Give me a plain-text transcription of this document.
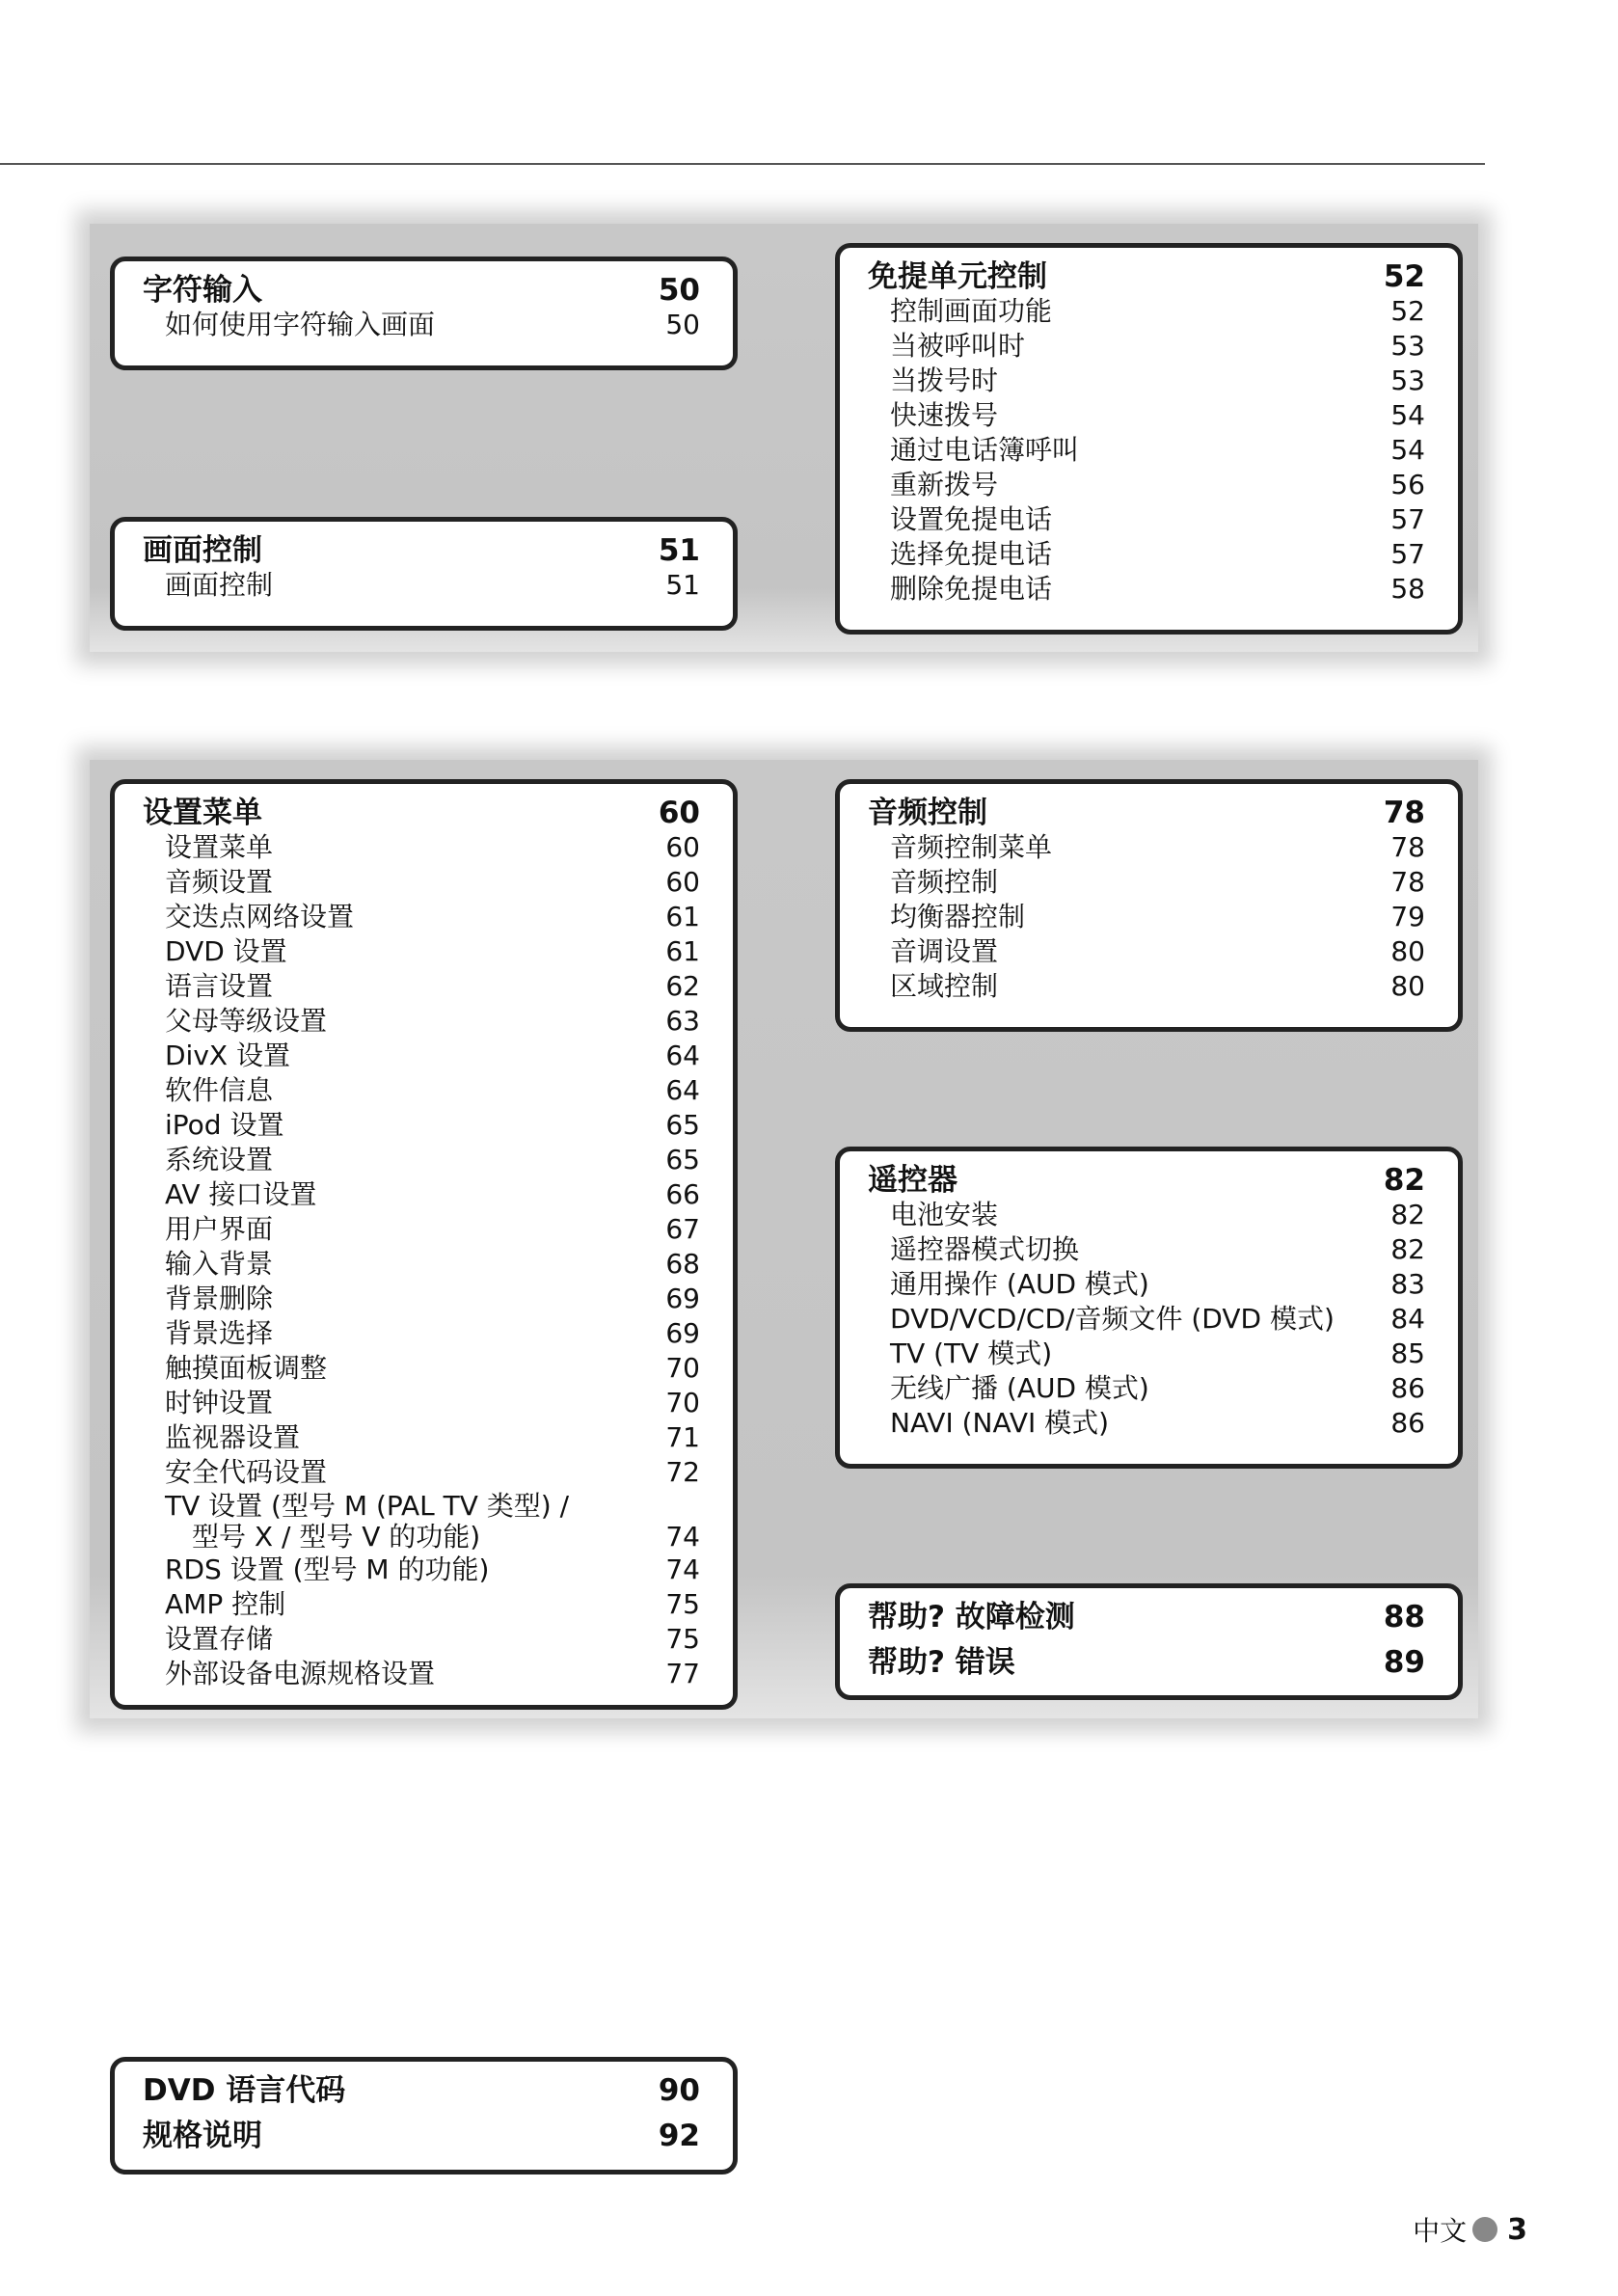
字符输入	50
如何使用字符输入画面	50
画面控制	51
画面控制	51
免提单元控制	52
控制画面功能	52
当被呼叫时	53
当拨号时	53
快速拨号	54
通过电话簿呼叫	54
重新拨号	56
设置免提电话	57
选择免提电话	57
删除免提电话	58
设置菜单	60
设置菜单	60
音频设置	60
交迭点网络设置	61
DVD 设置	61
语言设置	62
父母等级设置	63
DivX 设置	64
软件信息	64
iPod 设置	65
系统设置	65
AV 接口设置	66
用户界面	67
输入背景	68
背景删除	69
背景选择	69
触摸面板调整	70
时钟设置	70
监视器设置	71
安全代码设置	72
TV 设置 (型号 M (PAL TV 类型) /
　型号 X / 型号 V 的功能)	74
RDS 设置 (型号 M 的功能)	74
AMP 控制	75
设置存储	75
外部设备电源规格设置	77
音频控制	78
音频控制菜单	78
音频控制	78
均衡器控制	79
音调设置	80
区域控制	80
遥控器	82
电池安装	82
遥控器模式切换	82
通用操作 (AUD 模式)	83
DVD/VCD/CD/音频文件 (DVD 模式) 84
TV (TV 模式)	85
无线广播 (AUD 模式)	86
NAVI (NAVI 模式)	86
帮助? 故障检测	88
帮助? 错误	89
DVD 语言代码	90
规格说明	92
中文 3
